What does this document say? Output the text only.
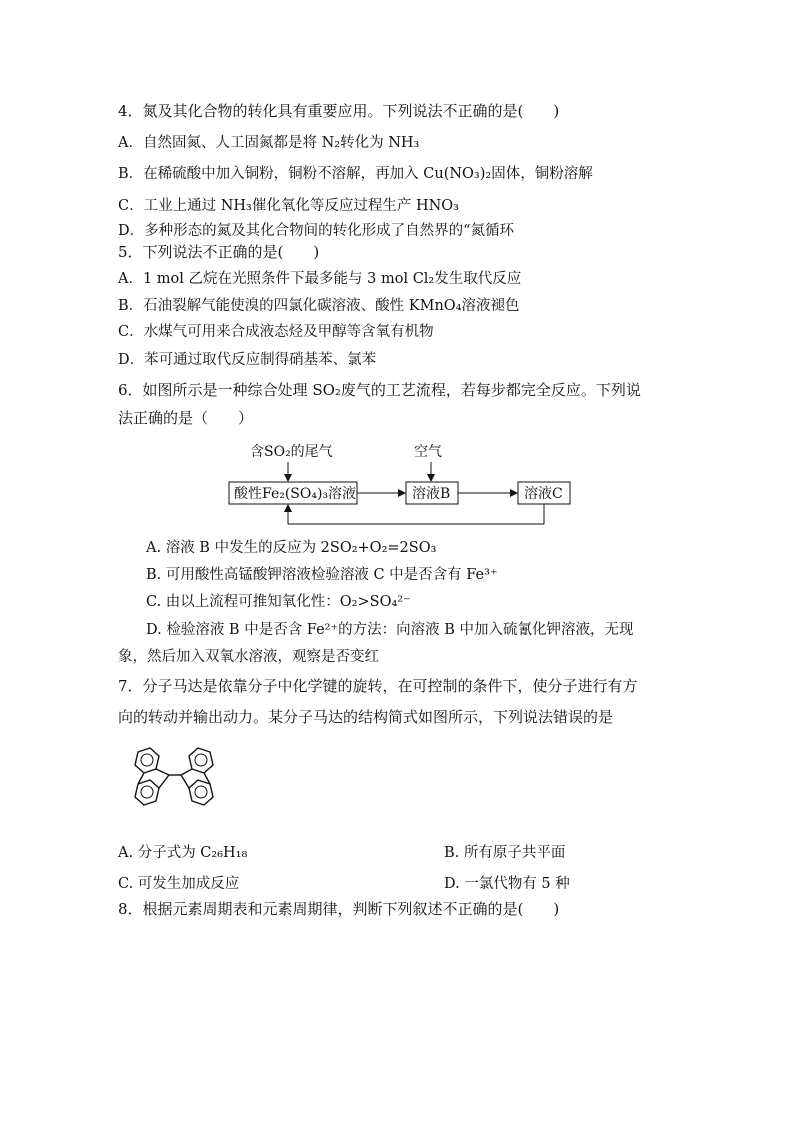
4．氮及其化合物的转化具有重要应用。下列说法不正确的是(　　)
A．自然固氮、人工固氮都是将 N₂转化为 NH₃
B．在稀硫酸中加入铜粉，铜粉不溶解，再加入 Cu(NO₃)₂固体，铜粉溶解
C．工业上通过 NH₃催化氧化等反应过程生产 HNO₃
D．多种形态的氮及其化合物间的转化形成了自然界的“氮循环
5．下列说法不正确的是(　　)
A．1 mol 乙烷在光照条件下最多能与 3 mol Cl₂发生取代反应
B．石油裂解气能使溴的四氯化碳溶液、酸性 KMnO₄溶液褪色
C．水煤气可用来合成液态烃及甲醇等含氧有机物
D．苯可通过取代反应制得硝基苯、氯苯
6．如图所示是一种综合处理 SO₂废气的工艺流程，若每步都完全反应。下列说
法正确的是（　　）
含SO₂的尾气	空气
酸性Fe₂(SO₄)₃溶液	溶液B	溶液C
A. 溶液 B 中发生的反应为 2SO₂+O₂=2SO₃
B. 可用酸性高锰酸钾溶液检验溶液 C 中是否含有 Fe³⁺
C. 由以上流程可推知氧化性：O₂>SO₄²⁻
D. 检验溶液 B 中是否含 Fe²⁺的方法：向溶液 B 中加入硫氰化钾溶液，无现
象，然后加入双氧水溶液，观察是否变红
7．分子马达是依靠分子中化学键的旋转，在可控制的条件下，使分子进行有方
向的转动并输出动力。某分子马达的结构简式如图所示，下列说法错误的是
A. 分子式为 C₂₆H₁₈	B. 所有原子共平面
C. 可发生加成反应	D. 一氯代物有 5 种
8．根据元素周期表和元素周期律，判断下列叙述不正确的是(　　)
